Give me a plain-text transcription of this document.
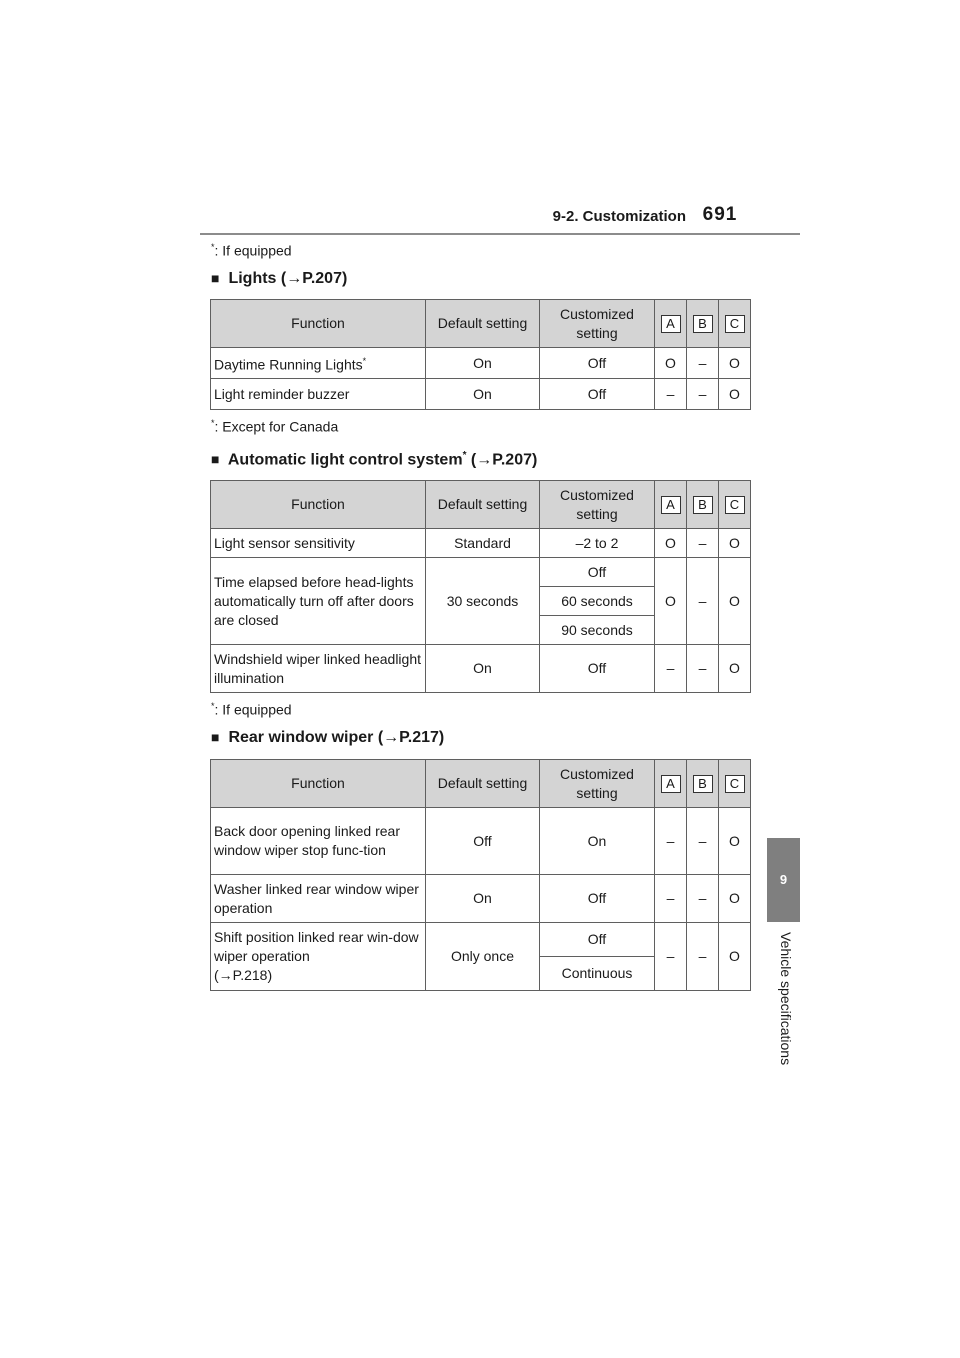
9-2. Customization 691
9
Vehicle specifications
*: If equipped
■ Lights (→P.207)
Function	Default setting	Customized setting	A	B	C
Daytime Running Lights*	On	Off	O	–	O
Light reminder buzzer	On	Off	–	–	O
*: Except for Canada
■ Automatic light control system* (→P.207)
Function	Default setting	Customized setting	A	B	C
Light sensor sensitivity	Standard	–2 to 2	O	–	O
Time elapsed before head-lights automatically turn off after doors are closed	30 seconds	Off	O	–	O
		60 seconds			
		90 seconds			
Windshield wiper linked headlight illumination	On	Off	–	–	O
*: If equipped
■ Rear window wiper (→P.217)
Function	Default setting	Customized setting	A	B	C
Back door opening linked rear window wiper stop func-tion	Off	On	–	–	O
Washer linked rear window wiper operation	On	Off	–	–	O
Shift position linked rear win-dow wiper operation
(→P.218)	Only once	Off	–	–	O
		Continuous			
